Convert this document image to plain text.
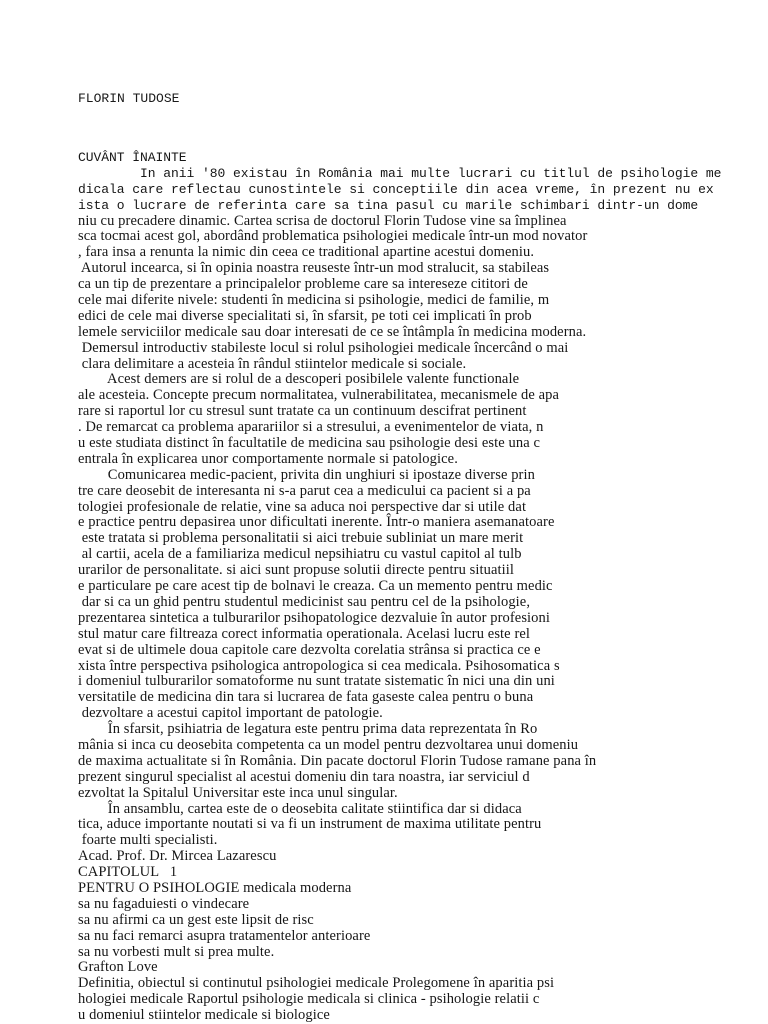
FLORIN TUDOSE
CUVÂNT ÎNAINTE
In anii '80 existau în România mai multe lucrari cu titlul de psihologie me
dicala care reflectau cunostintele si conceptiile din acea vreme, în prezent nu ex
ista o lucrare de referinta care sa tina pasul cu marile schimbari dintr-un dome
niu cu precadere dinamic. Cartea scrisa de doctorul Florin Tudose vine sa împlinea
sca tocmai acest gol, abordând problematica psihologiei medicale într-un mod novator
, fara insa a renunta la nimic din ceea ce traditional apartine acestui domeniu.
Autorul incearca, si în opinia noastra reuseste într-un mod stralucit, sa stabileas
ca un tip de prezentare a principalelor probleme care sa intereseze cititori de
cele mai diferite nivele: studenti în medicina si psihologie, medici de familie, m
edici de cele mai diverse specialitati si, în sfarsit, pe toti cei implicati în prob
lemele serviciilor medicale sau doar interesati de ce se întâmpla în medicina moderna.
Demersul introductiv stabileste locul si rolul psihologiei medicale încercând o mai
clara delimitare a acesteia în rândul stiintelor medicale si sociale.
Acest demers are si rolul de a descoperi posibilele valente functionale
ale acesteia. Concepte precum normalitatea, vulnerabilitatea, mecanismele de apa
rare si raportul lor cu stresul sunt tratate ca un continuum descifrat pertinent
. De remarcat ca problema aparariilor si a stresului, a evenimentelor de viata, n
u este studiata distinct în facultatile de medicina sau psihologie desi este una c
entrala în explicarea unor comportamente normale si patologice.
Comunicarea medic-pacient, privita din unghiuri si ipostaze diverse prin
tre care deosebit de interesanta ni s-a parut cea a medicului ca pacient si a pa
tologiei profesionale de relatie, vine sa aduca noi perspective dar si utile dat
e practice pentru depasirea unor dificultati inerente. Într-o maniera asemanatoare
este tratata si problema personalitatii si aici trebuie subliniat un mare merit
al cartii, acela de a familiariza medicul nepsihiatru cu vastul capitol al tulb
urarilor de personalitate. si aici sunt propuse solutii directe pentru situatiil
e particulare pe care acest tip de bolnavi le creaza. Ca un memento pentru medic
dar si ca un ghid pentru studentul medicinist sau pentru cel de la psihologie,
prezentarea sintetica a tulburarilor psihopatologice dezvaluie în autor profesioni
stul matur care filtreaza corect informatia operationala. Acelasi lucru este rel
evat si de ultimele doua capitole care dezvolta corelatia strânsa si practica ce e
xista între perspectiva psihologica antropologica si cea medicala. Psihosomatica s
i domeniul tulburarilor somatoforme nu sunt tratate sistematic în nici una din uni
versitatile de medicina din tara si lucrarea de fata gaseste calea pentru o buna
dezvoltare a acestui capitol important de patologie.
În sfarsit, psihiatria de legatura este pentru prima data reprezentata în Ro
mânia si inca cu deosebita competenta ca un model pentru dezvoltarea unui domeniu
de maxima actualitate si în România. Din pacate doctorul Florin Tudose ramane pana în
prezent singurul specialist al acestui domeniu din tara noastra, iar serviciul d
ezvoltat la Spitalul Universitar este inca unul singular.
În ansamblu, cartea este de o deosebita calitate stiintifica dar si didaca
tica, aduce importante noutati si va fi un instrument de maxima utilitate pentru
foarte multi specialisti.
Acad. Prof. Dr. Mircea Lazarescu
CAPITOLUL   1
PENTRU O PSIHOLOGIE medicala moderna
sa nu fagaduiesti o vindecare
sa nu afirmi ca un gest este lipsit de risc
sa nu faci remarci asupra tratamentelor anterioare
sa nu vorbesti mult si prea multe.
Grafton Love
Definitia, obiectul si continutul psihologiei medicale Prolegomene în aparitia psi
hologiei medicale Raportul psihologie medicala si clinica - psihologie relatii c
u domeniul stiintelor medicale si biologice
